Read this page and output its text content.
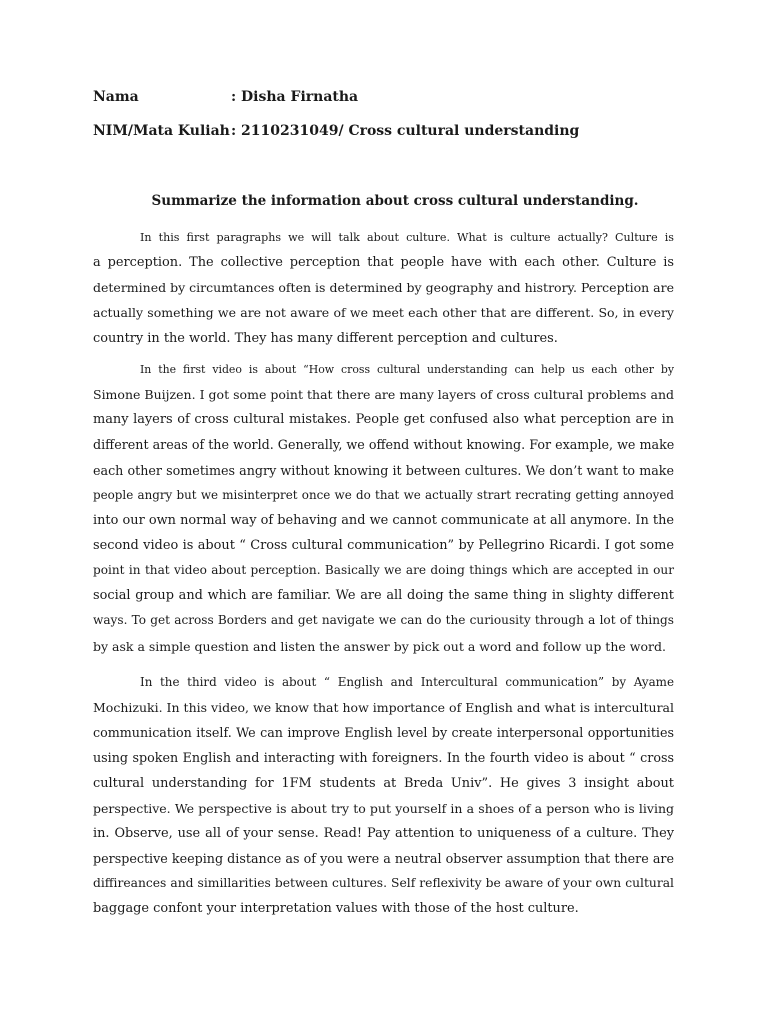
Nama	: Disha Firnatha
NIM/Mata Kuliah: 2110231049/ Cross cultural understanding
Summarize the information about cross cultural understanding.
In this first paragraphs we will talk about culture. What is culture actually? Culture is
a perception. The collective perception that people have with each other. Culture is
determined by circumtances often is determined by geography and histrory. Perception are
actually something we are not aware of we meet each other that are different. So, in every
country in the world. They has many different perception and cultures.
In the first video is about “How cross cultural understanding can help us each other by
Simone Buijzen. I got some point that there are many layers of cross cultural problems and
many layers of cross cultural mistakes. People get confused also what perception are in
different areas of the world. Generally, we offend without knowing. For example, we make
each other sometimes angry without knowing it between cultures. We don’t want to make
people angry but we misinterpret once we do that we actually strart recrating getting annoyed
into our own normal way of behaving and we cannot communicate at all anymore. In the
second video is about “ Cross cultural communication” by Pellegrino Ricardi. I got some
point in that video about perception. Basically we are doing things which are accepted in our
social group and which are familiar. We are all doing the same thing in slighty different
ways. To get across Borders and get navigate we can do the curiousity through a lot of things
by ask a simple question and listen the answer by pick out a word and follow up the word.
In the third video is about “ English and Intercultural communication” by Ayame
Mochizuki. In this video, we know that how importance of English and what is intercultural
communication itself. We can improve English level by create interpersonal opportunities
using spoken English and interacting with foreigners. In the fourth video is about “ cross
cultural understanding for 1FM students at Breda Univ”. He gives 3 insight about
perspective. We perspective is about try to put yourself in a shoes of a person who is living
in. Observe, use all of your sense. Read! Pay attention to uniqueness of a culture. They
perspective keeping distance as of you were a neutral observer assumption that there are
diffireances and simillarities between cultures. Self reflexivity be aware of your own cultural
baggage confont your interpretation values with those of the host culture.
